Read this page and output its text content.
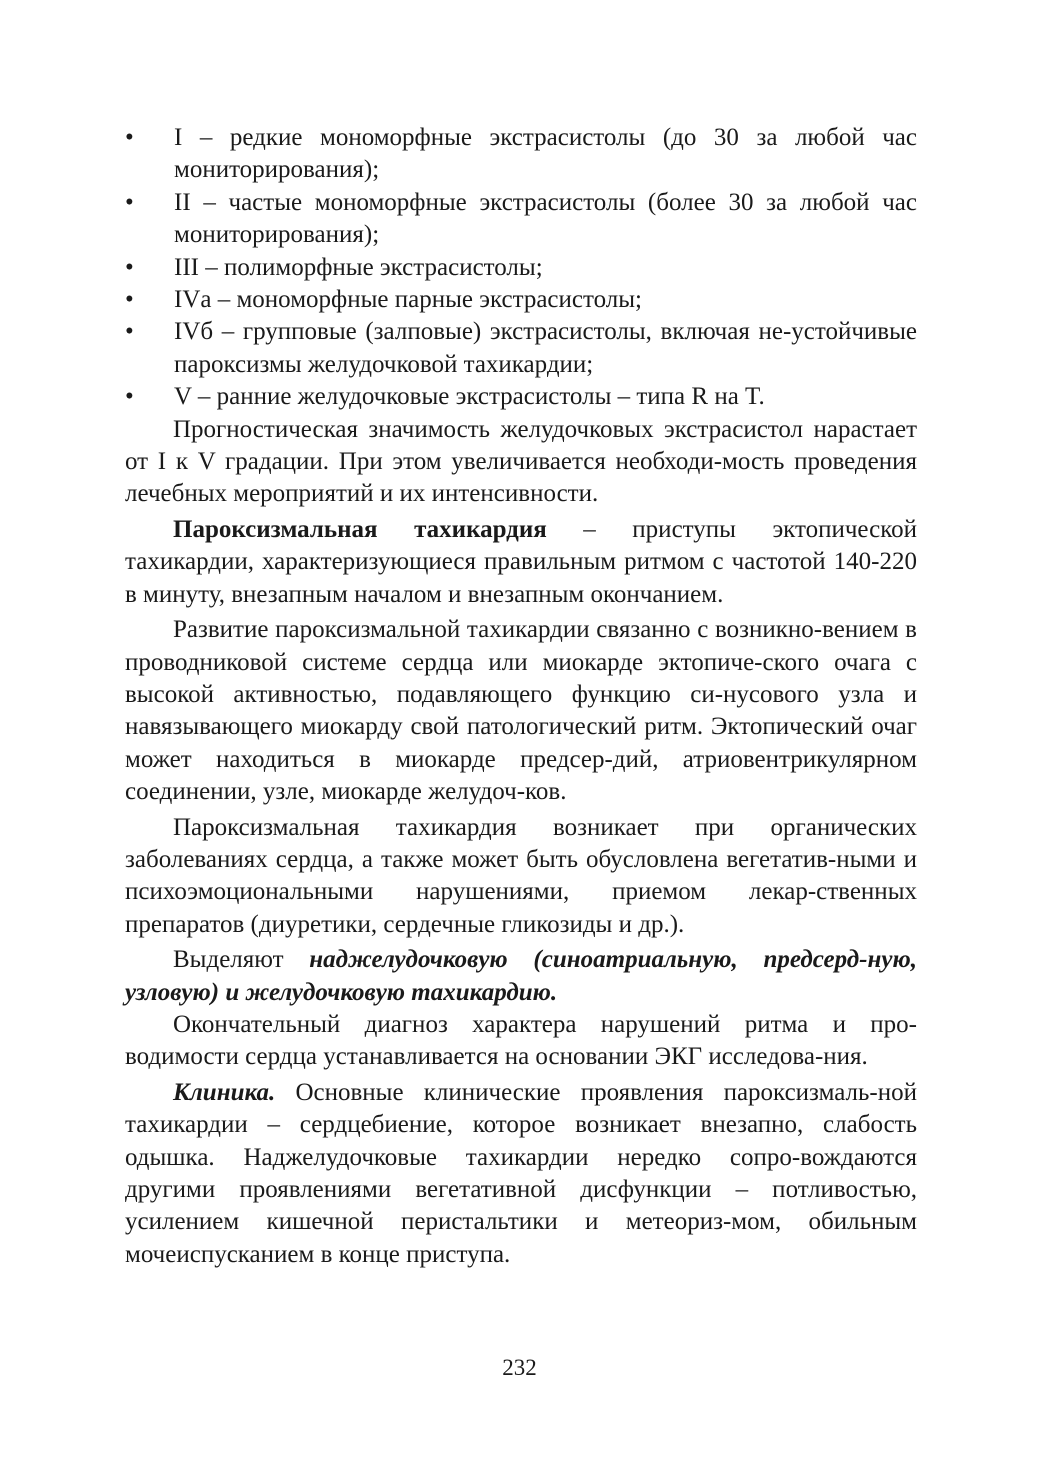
• I – редкие мономорфные экстрасистолы (до 30 за любой час мониторирования);
• II – частые мономорфные экстрасистолы (более 30 за любой час мониторирования);
• III – полиморфные экстрасистолы;
• IVа – мономорфные парные экстрасистолы;
• IVб – групповые (залповые) экстрасистолы, включая не-устойчивые пароксизмы желудочковой тахикардии;
• V – ранние желудочковые экстрасистолы – типа R на T.

Прогностическая значимость желудочковых экстрасистол нарастает от I к V градации. При этом увеличивается необходи-мость проведения лечебных мероприятий и их интенсивности.

Пароксизмальная тахикардия – приступы эктопической тахикардии, характеризующиеся правильным ритмом с частотой 140-220 в минуту, внезапным началом и внезапным окончанием.

Развитие пароксизмальной тахикардии связанно с возникно-вением в проводниковой системе сердца или миокарде эктопиче-ского очага с высокой активностью, подавляющего функцию си-нусового узла и навязывающего миокарду свой патологический ритм. Эктопический очаг может находиться в миокарде предсер-дий, атриовентрикулярном соединении, узле, миокарде желудоч-ков.

Пароксизмальная тахикардия возникает при органических заболеваниях сердца, а также может быть обусловлена вегетатив-ными и психоэмоциональными нарушениями, приемом лекар-ственных препаратов (диуретики, сердечные гликозиды и др.).

Выделяют наджелудочковую (синоатриальную, предсерд-ную, узловую) и желудочковую тахикардию.

Окончательный диагноз характера нарушений ритма и про-водимости сердца устанавливается на основании ЭКГ исследова-ния.

Клиника. Основные клинические проявления пароксизмаль-ной тахикардии – сердцебиение, которое возникает внезапно, слабость одышка. Наджелудочковые тахикардии нередко сопро-вождаются другими проявлениями вегетативной дисфункции – потливостью, усилением кишечной перистальтики и метеориз-мом, обильным мочеиспусканием в конце приступа.

232
